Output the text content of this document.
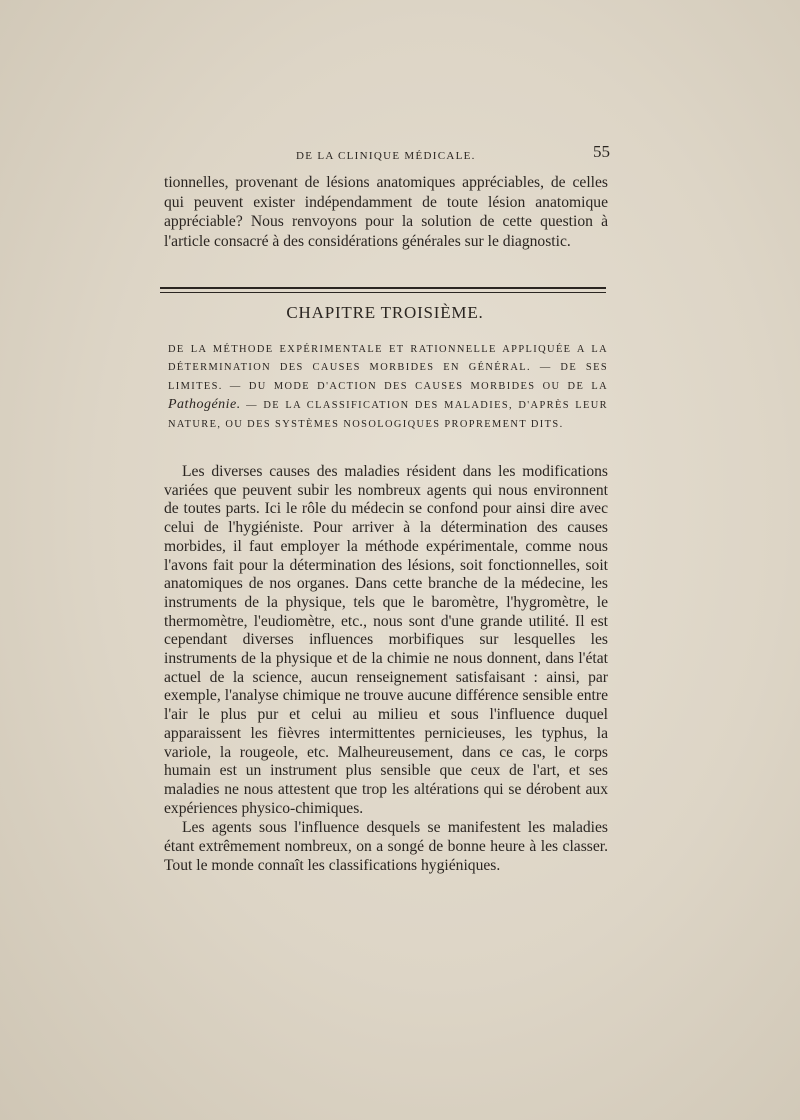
DE LA CLINIQUE MÉDICALE.	55

tionnelles, provenant de lésions anatomiques appréciables, de celles qui peuvent exister indépendamment de toute lésion anatomique appréciable? Nous renvoyons pour la solution de cette question à l'article consacré à des considérations générales sur le diagnostic.

CHAPITRE TROISIÈME.
DE LA MÉTHODE EXPÉRIMENTALE ET RATIONNELLE APPLIQUÉE A LA DÉTERMINATION DES CAUSES MORBIDES EN GÉNÉRAL. — DE SES LIMITES. — DU MODE D'ACTION DES CAUSES MORBIDES OU DE LA Pathogénie. — DE LA CLASSIFICATION DES MALADIES, D'APRÈS LEUR NATURE, OU DES SYSTÈMES NOSOLOGIQUES PROPREMENT DITS.

Les diverses causes des maladies résident dans les modifications variées que peuvent subir les nombreux agents qui nous environnent de toutes parts. Ici le rôle du médecin se confond pour ainsi dire avec celui de l'hygiéniste. Pour arriver à la détermination des causes morbides, il faut employer la méthode expérimentale, comme nous l'avons fait pour la détermination des lésions, soit fonctionnelles, soit anatomiques de nos organes. Dans cette branche de la médecine, les instruments de la physique, tels que le baromètre, l'hygromètre, le thermomètre, l'eudiomètre, etc., nous sont d'une grande utilité. Il est cependant diverses influences morbifiques sur lesquelles les instruments de la physique et de la chimie ne nous donnent, dans l'état actuel de la science, aucun renseignement satisfaisant : ainsi, par exemple, l'analyse chimique ne trouve aucune différence sensible entre l'air le plus pur et celui au milieu et sous l'influence duquel apparaissent les fièvres intermittentes pernicieuses, les typhus, la variole, la rougeole, etc. Malheureusement, dans ce cas, le corps humain est un instrument plus sensible que ceux de l'art, et ses maladies ne nous attestent que trop les altérations qui se dérobent aux expériences physico-chimiques.

Les agents sous l'influence desquels se manifestent les maladies étant extrêmement nombreux, on a songé de bonne heure à les classer. Tout le monde connaît les classifications hygiéniques.
